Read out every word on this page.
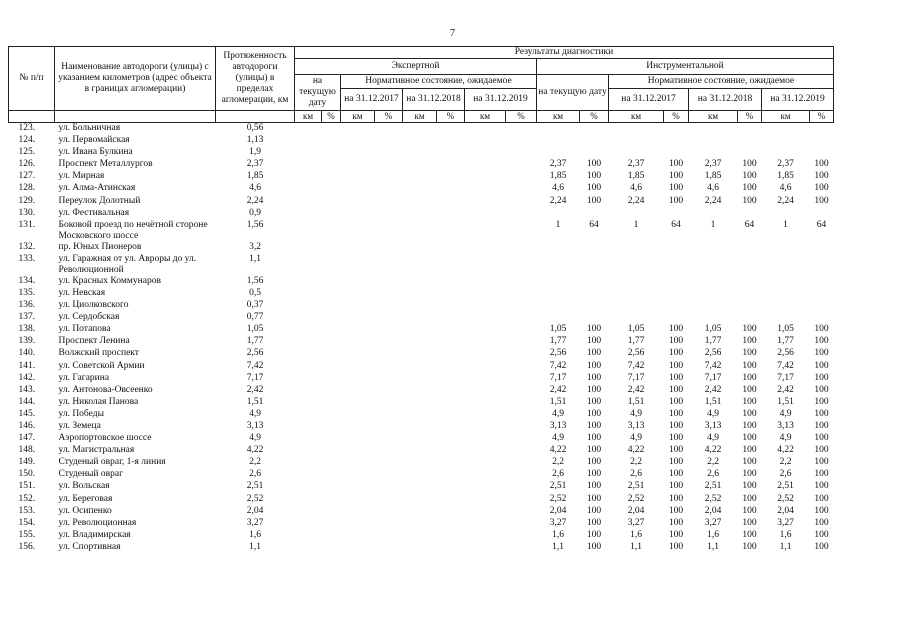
7
№ п/п	Наименование автодороги (улицы) с указанием километров (адрес объекта в границах агломерации)	Протяженность автодороги (улицы) в пределах агломерации, км	Результаты диагностики															
			Экспертной								Инструментальной							
			на текущую дату		Нормативное состояние, ожидаемое						на текущую дату		Нормативное состояние, ожидаемое					
					на 31.12.2017		на 31.12.2018		на 31.12.2019				на 31.12.2017		на 31.12.2018		на 31.12.2019	
			км	%	км	%	км	%	км	%	км	%	км	%	км	%	км	%
123.	ул. Больничная	0,56																
124.	ул. Первомайская	1,13																
125.	ул. Ивана Булкина	1,9																
126.	Проспект Металлургов	2,37									2,37	100	2,37	100	2,37	100	2,37	100
127.	ул. Мирная	1,85									1,85	100	1,85	100	1,85	100	1,85	100
128.	ул. Алма-Атинская	4,6									4,6	100	4,6	100	4,6	100	4,6	100
129.	Переулок Долотный	2,24									2,24	100	2,24	100	2,24	100	2,24	100
130.	ул. Фестивальная	0,9																
131.	Боковой проезд по нечётной стороне Московского шоссе	1,56									1	64	1	64	1	64	1	64
132.	пр. Юных Пионеров	3,2																
133.	ул. Гаражная от ул. Авроры до ул. Революционной	1,1																
134.	ул. Красных Коммунаров	1,56																
135.	ул. Невская	0,5																
136.	ул. Циолковского	0,37																
137.	ул. Сердобская	0,77																
138.	ул. Потапова	1,05									1,05	100	1,05	100	1,05	100	1,05	100
139.	Проспект Ленина	1,77									1,77	100	1,77	100	1,77	100	1,77	100
140.	Волжский проспект	2,56									2,56	100	2,56	100	2,56	100	2,56	100
141.	ул. Советской Армии	7,42									7,42	100	7,42	100	7,42	100	7,42	100
142.	ул. Гагарина	7,17									7,17	100	7,17	100	7,17	100	7,17	100
143.	ул. Антонова-Овсеенко	2,42									2,42	100	2,42	100	2,42	100	2,42	100
144.	ул. Николая Панова	1,51									1,51	100	1,51	100	1,51	100	1,51	100
145.	ул. Победы	4,9									4,9	100	4,9	100	4,9	100	4,9	100
146.	ул. Земеца	3,13									3,13	100	3,13	100	3,13	100	3,13	100
147.	Аэропортовское шоссе	4,9									4,9	100	4,9	100	4,9	100	4,9	100
148.	ул. Магистральная	4,22									4,22	100	4,22	100	4,22	100	4,22	100
149.	Студеный овраг, 1-я линия	2,2									2,2	100	2,2	100	2,2	100	2,2	100
150.	Студеный овраг	2,6									2,6	100	2,6	100	2,6	100	2,6	100
151.	ул. Вольская	2,51									2,51	100	2,51	100	2,51	100	2,51	100
152.	ул. Береговая	2,52									2,52	100	2,52	100	2,52	100	2,52	100
153.	ул. Осипенко	2,04									2,04	100	2,04	100	2,04	100	2,04	100
154.	ул. Революционная	3,27									3,27	100	3,27	100	3,27	100	3,27	100
155.	ул. Владимирская	1,6									1,6	100	1,6	100	1,6	100	1,6	100
156.	ул. Спортивная	1,1									1,1	100	1,1	100	1,1	100	1,1	100
